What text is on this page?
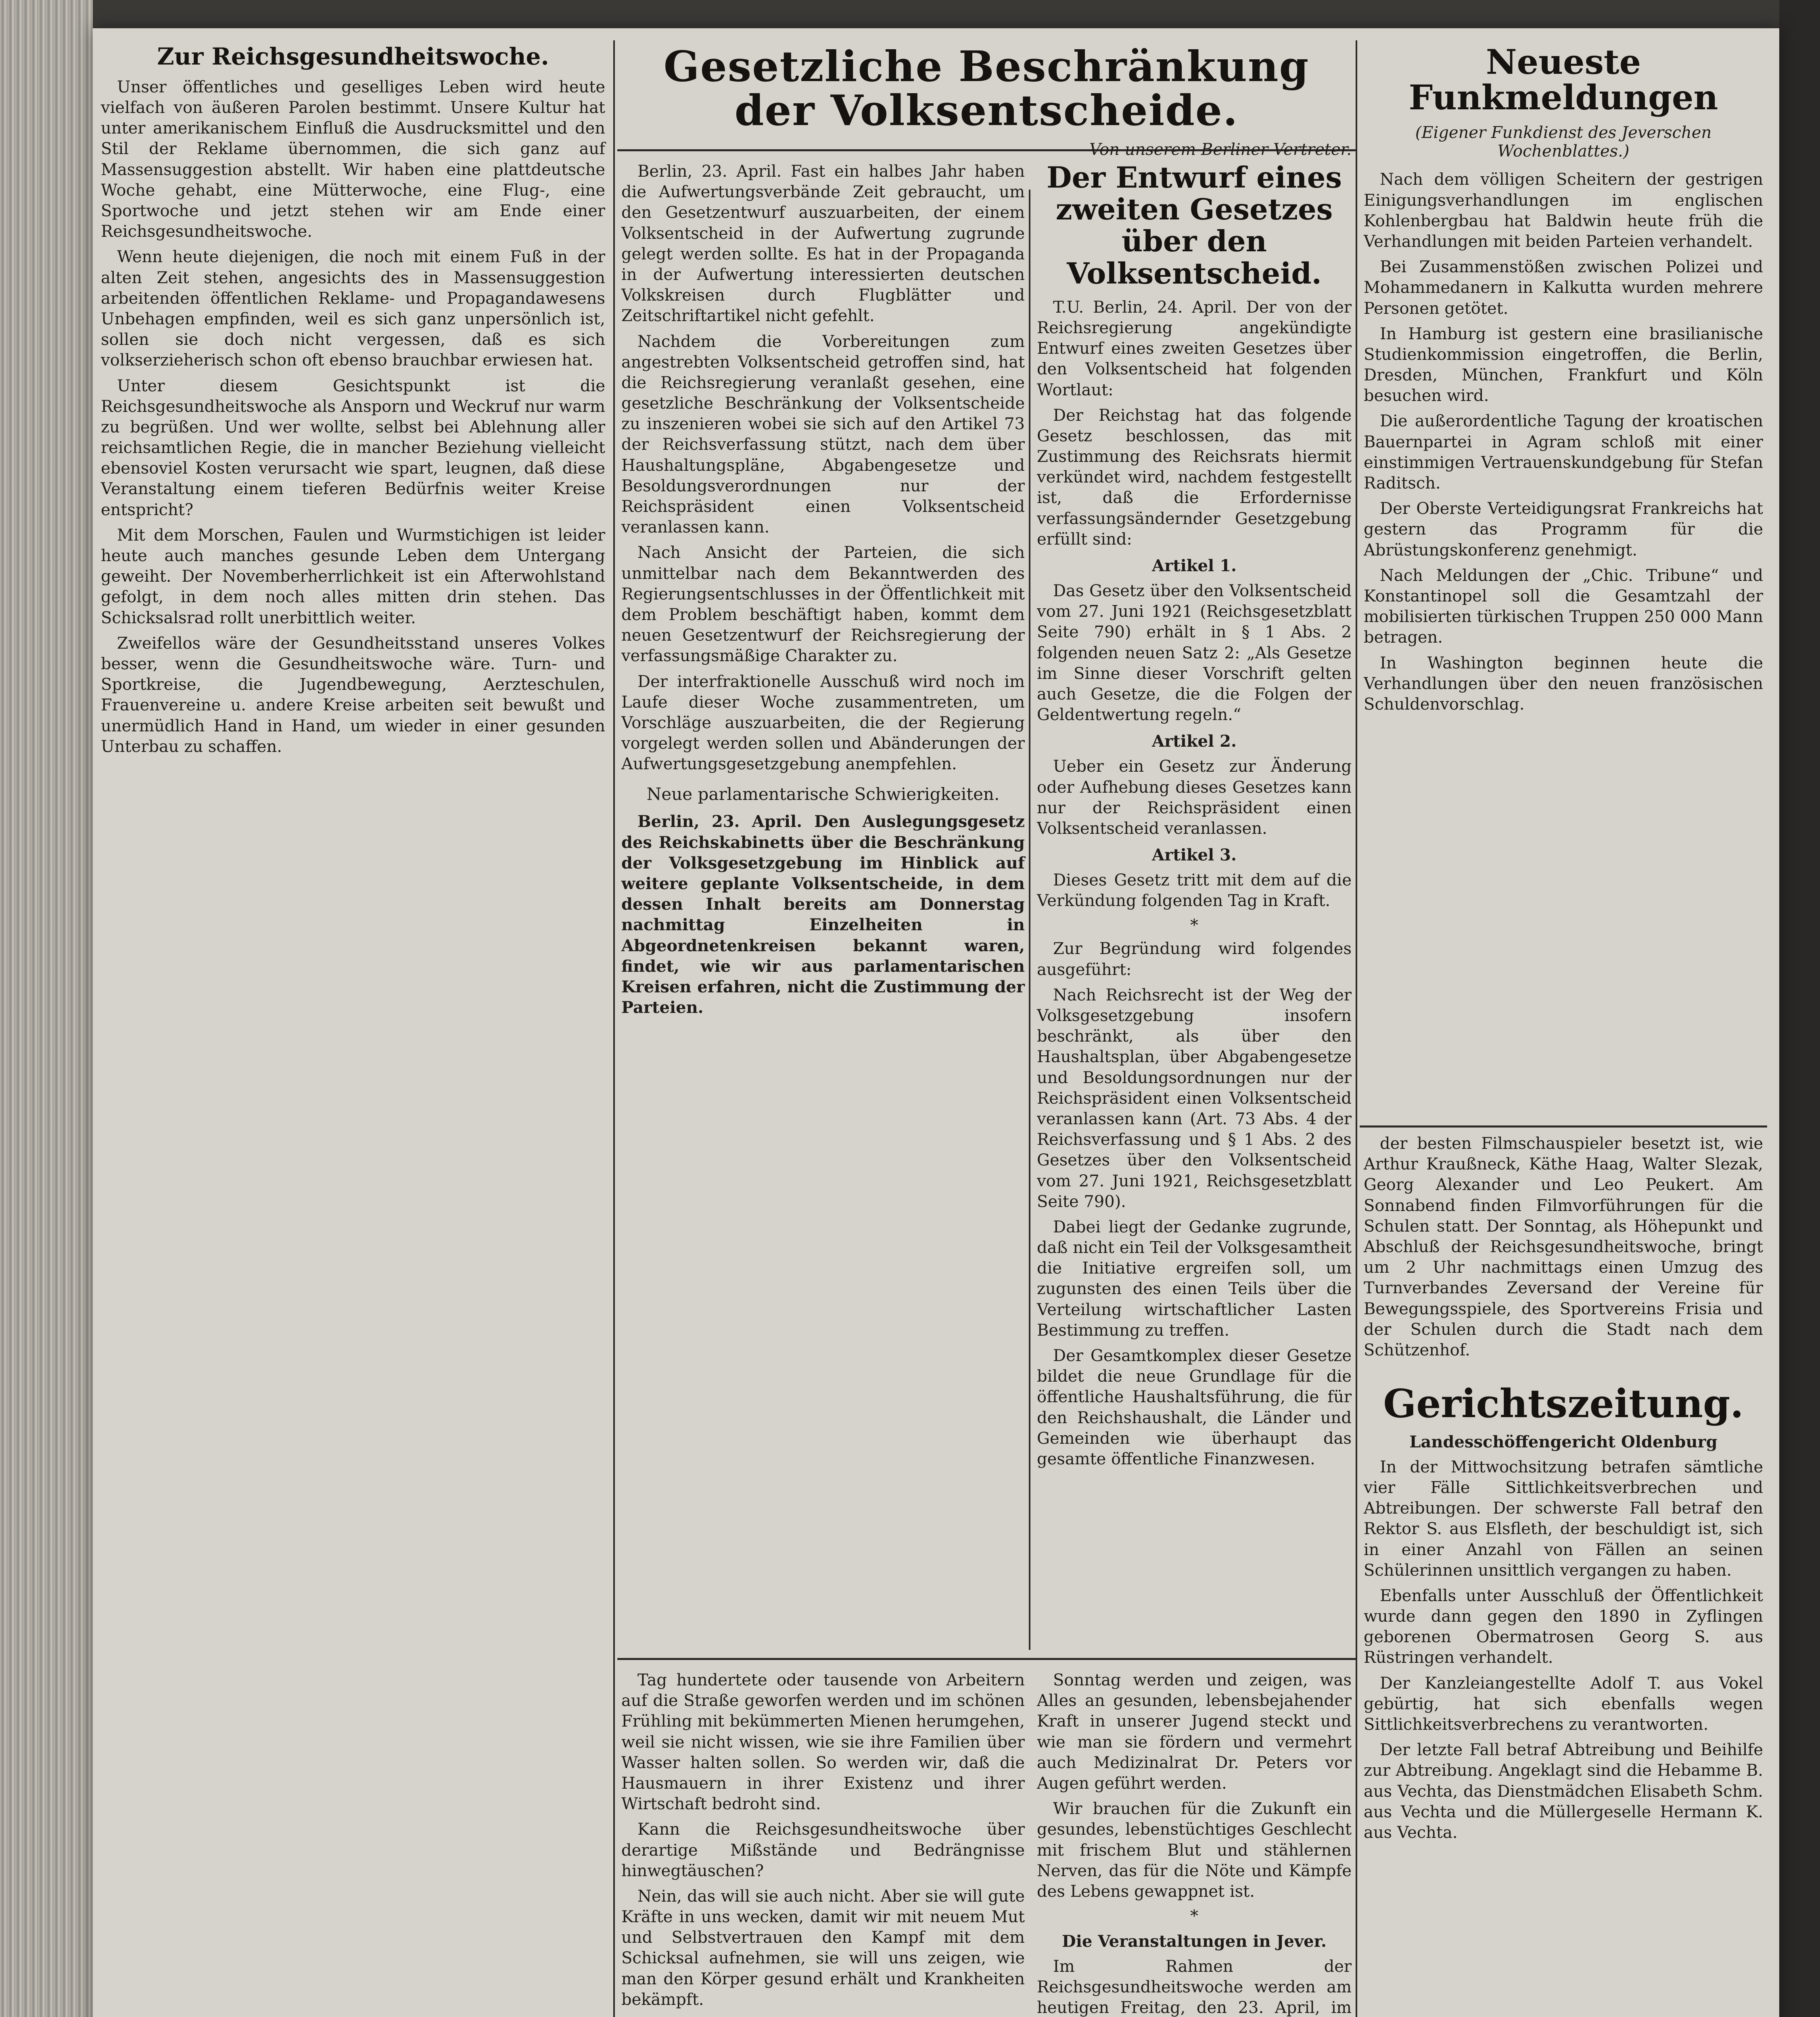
Zur Reichsgesundheitswoche.

Unser öffentliches und geselliges Leben wird heute vielfach von äußeren Parolen bestimmt. Unsere Kultur hat unter amerikanischem Einfluß die Ausdrucksmittel und den Stil der Reklame übernommen, die sich ganz auf Massensuggestion abstellt. Wir haben eine plattdeutsche Woche gehabt, eine Mütterwoche, eine Flug-, eine Sportwoche und jetzt stehen wir am Ende einer Reichsgesundheitswoche.

Wenn heute diejenigen, die noch mit einem Fuß in der alten Zeit stehen, angesichts des in Massensuggestion arbeitenden öffentlichen Reklame- und Propagandawesens Unbehagen empfinden, weil es sich ganz unpersönlich ist, sollen sie doch nicht vergessen, daß es sich volkserzieherisch schon oft ebenso brauchbar erwiesen hat.

Unter diesem Gesichtspunkt ist die Reichsgesundheitswoche als Ansporn und Weckruf nur warm zu begrüßen. Und wer wollte, selbst bei Ablehnung aller reichsamtlichen Regie, die in mancher Beziehung vielleicht ebensoviel Kosten verursacht wie spart, leugnen, daß diese Veranstaltung einem tieferen Bedürfnis weiter Kreise entspricht?

Mit dem Morschen, Faulen und Wurmstichigen ist leider heute auch manches gesunde Leben dem Untergang geweiht. Der Novemberherrlichkeit ist ein Afterwohlstand gefolgt, in dem noch alles mitten drin stehen. Das Schicksalsrad rollt unerbittlich weiter.

Zweifellos wäre der Gesundheitsstand unseres Volkes besser, wenn die Gesundheitswoche wäre. Turn- und Sportkreise, die Jugendbewegung, Aerzteschulen, Frauenvereine u. andere Kreise arbeiten seit bewußt und unermüdlich Hand in Hand, um wieder in einer gesunden Unterbau zu schaffen.

Gesetzliche Beschränkung der Volksentscheide.

Von unserem Berliner Vertreter.

Berlin, 23. April. Fast ein halbes Jahr haben die Aufwertungsverbände Zeit gebraucht, um den Gesetzentwurf auszuarbeiten, der einem Volksentscheid in der Aufwertung zugrunde gelegt werden sollte. Es hat in der Propaganda in der Aufwertung interessierten deutschen Volkskreisen durch Flugblätter und Zeitschriftartikel nicht gefehlt.

Nachdem die Vorbereitungen zum angestrebten Volksentscheid getroffen sind, hat die Reichsregierung veranlaßt gesehen, eine gesetzliche Beschränkung der Volksentscheide zu inszenieren wobei sie sich auf den Artikel 73 der Reichsverfassung stützt, nach dem über Haushaltungspläne, Abgabengesetze und Besoldungsverordnungen nur der Reichspräsident einen Volksentscheid veranlassen kann.

Nach Ansicht der Parteien, die sich unmittelbar nach dem Bekanntwerden des Regierungsentschlusses in der Öffentlichkeit mit dem Problem beschäftigt haben, kommt dem neuen Gesetzentwurf der Reichsregierung der verfassungsmäßige Charakter zu.

Der interfraktionelle Ausschuß wird noch im Laufe dieser Woche zusammentreten, um Vorschläge auszuarbeiten, die der Regierung vorgelegt werden sollen und Abänderungen der Aufwertungsgesetzgebung anempfehlen.

Neue parlamentarische Schwierigkeiten.

Berlin, 23. April. Den Auslegungsgesetz des Reichskabinetts über die Beschränkung der Volksgesetzgebung im Hinblick auf weitere geplante Volksentscheide, in dem dessen Inhalt bereits am Donnerstag nachmittag Einzelheiten in Abgeordnetenkreisen bekannt waren, findet, wie wir aus parlamentarischen Kreisen erfahren, nicht die Zustimmung der Parteien.

Der Entwurf eines zweiten Gesetzes über den Volksentscheid.

T.U. Berlin, 24. April. Der von der Reichsregierung angekündigte Entwurf eines zweiten Gesetzes über den Volksentscheid hat folgenden Wortlaut:

Der Reichstag hat das folgende Gesetz beschlossen, das mit Zustimmung des Reichsrats hiermit verkündet wird, nachdem festgestellt ist, daß die Erfordernisse verfassungsändernder Gesetzgebung erfüllt sind:

Artikel 1.

Das Gesetz über den Volksentscheid vom 27. Juni 1921 (Reichsgesetzblatt Seite 790) erhält in § 1 Abs. 2 folgenden neuen Satz 2: „Als Gesetze im Sinne dieser Vorschrift gelten auch Gesetze, die die Folgen der Geldentwertung regeln.“

Artikel 2.

Ueber ein Gesetz zur Änderung oder Aufhebung dieses Gesetzes kann nur der Reichspräsident einen Volksentscheid veranlassen.

Artikel 3.

Dieses Gesetz tritt mit dem auf die Verkündung folgenden Tag in Kraft.

*

Zur Begründung wird folgendes ausgeführt:

Nach Reichsrecht ist der Weg der Volksgesetzgebung insofern beschränkt, als über den Haushaltsplan, über Abgabengesetze und Besoldungsordnungen nur der Reichspräsident einen Volksentscheid veranlassen kann (Art. 73 Abs. 4 der Reichsverfassung und § 1 Abs. 2 des Gesetzes über den Volksentscheid vom 27. Juni 1921, Reichsgesetzblatt Seite 790).

Dabei liegt der Gedanke zugrunde, daß nicht ein Teil der Volksgesamtheit die Initiative ergreifen soll, um zugunsten des einen Teils über die Verteilung wirtschaftlicher Lasten Bestimmung zu treffen.

Der Gesamtkomplex dieser Gesetze bildet die neue Grundlage für die öffentliche Haushaltsführung, die für den Reichshaushalt, die Länder und Gemeinden wie überhaupt das gesamte öffentliche Finanzwesen.

Tag hundertete oder tausende von Arbeitern auf die Straße geworfen werden und im schönen Frühling mit bekümmerten Mienen herumgehen, weil sie nicht wissen, wie sie ihre Familien über Wasser halten sollen. So werden wir, daß die Hausmauern in ihrer Existenz und ihrer Wirtschaft bedroht sind.

Kann die Reichsgesundheitswoche über derartige Mißstände und Bedrängnisse hinwegtäuschen?

Nein, das will sie auch nicht. Aber sie will gute Kräfte in uns wecken, damit wir mit neuem Mut und Selbstvertrauen den Kampf mit dem Schicksal aufnehmen, sie will uns zeigen, wie man den Körper gesund erhält und Krankheiten bekämpft.

Sonntag werden und zeigen, was Alles an gesunden, lebensbejahender Kraft in unserer Jugend steckt und wie man sie fördern und vermehrt auch Medizinalrat Dr. Peters vor Augen geführt werden.

Wir brauchen für die Zukunft ein gesundes, lebenstüchtiges Geschlecht mit frischem Blut und stählernen Nerven, das für die Nöte und Kämpfe des Lebens gewappnet ist.

*

Die Veranstaltungen in Jever.

Im Rahmen der Reichsgesundheitswoche werden am heutigen Freitag, den 23. April, im

Neueste Funkmeldungen

(Eigener Funkdienst des Jeverschen Wochenblattes.)

Nach dem völligen Scheitern der gestrigen Einigungsverhandlungen im englischen Kohlenbergbau hat Baldwin heute früh die Verhandlungen mit beiden Parteien verhandelt.

Bei Zusammenstößen zwischen Polizei und Mohammedanern in Kalkutta wurden mehrere Personen getötet.

In Hamburg ist gestern eine brasilianische Studienkommission eingetroffen, die Berlin, Dresden, München, Frankfurt und Köln besuchen wird.

Die außerordentliche Tagung der kroatischen Bauernpartei in Agram schloß mit einer einstimmigen Vertrauenskundgebung für Stefan Raditsch.

Der Oberste Verteidigungsrat Frankreichs hat gestern das Programm für die Abrüstungskonferenz genehmigt.

Nach Meldungen der „Chic. Tribune“ und Konstantinopel soll die Gesamtzahl der mobilisierten türkischen Truppen 250 000 Mann betragen.

In Washington beginnen heute die Verhandlungen über den neuen französischen Schuldenvorschlag.

der besten Filmschauspieler besetzt ist, wie Arthur Kraußneck, Käthe Haag, Walter Slezak, Georg Alexander und Leo Peukert. Am Sonnabend finden Filmvorführungen für die Schulen statt. Der Sonntag, als Höhepunkt und Abschluß der Reichsgesundheitswoche, bringt um 2 Uhr nachmittags einen Umzug des Turnverbandes Zeversand der Vereine für Bewegungsspiele, des Sportvereins Frisia und der Schulen durch die Stadt nach dem Schützenhof.

Gerichtszeitung.

Landesschöffengericht Oldenburg

In der Mittwochsitzung betrafen sämtliche vier Fälle Sittlichkeitsverbrechen und Abtreibungen. Der schwerste Fall betraf den Rektor S. aus Elsfleth, der beschuldigt ist, sich in einer Anzahl von Fällen an seinen Schülerinnen unsittlich vergangen zu haben.

Ebenfalls unter Ausschluß der Öffentlichkeit wurde dann gegen den 1890 in Zyflingen geborenen Obermatrosen Georg S. aus Rüstringen verhandelt.

Der Kanzleiangestellte Adolf T. aus Vokel gebürtig, hat sich ebenfalls wegen Sittlichkeitsverbrechens zu verantworten.

Der letzte Fall betraf Abtreibung und Beihilfe zur Abtreibung. Angeklagt sind die Hebamme B. aus Vechta, das Dienstmädchen Elisabeth Schm. aus Vechta und die Müllergeselle Hermann K. aus Vechta.
